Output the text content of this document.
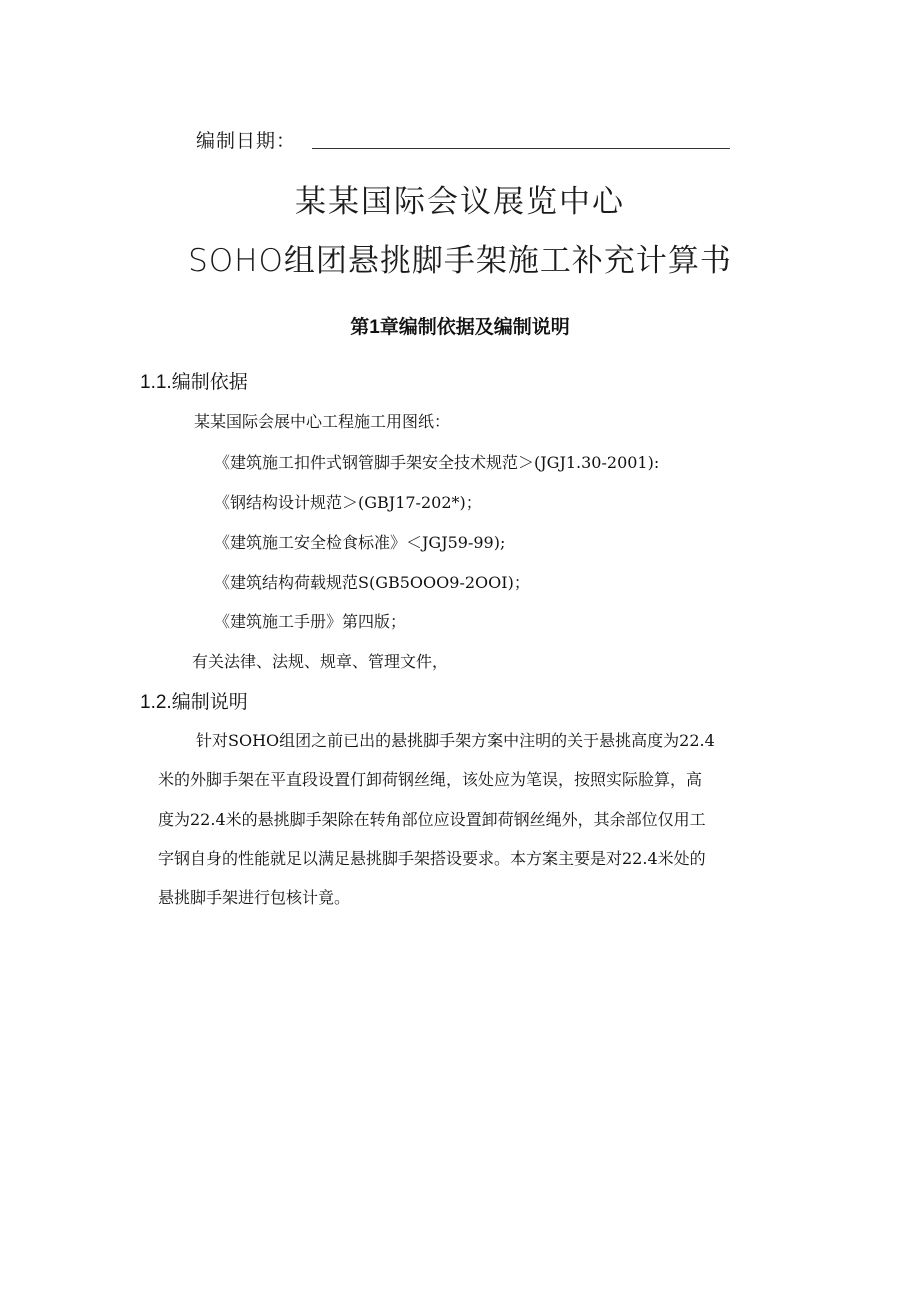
编制日期：
某某国际会议展览中心
SOHO组团悬挑脚手架施工补充计算书
第1章编制依据及编制说明
1.1.编制依据
某某国际会展中心工程施工用图纸：
《建筑施工扣件式钢管脚手架安全技术规范＞(JGJ1.30-2001):
《钢结构设计规范＞(GBJ17-202*)；
《建筑施工安全检食标准》＜JGJ59-99);
《建筑结构荷载规范S(GB5OOO9-2OOI)；
《建筑施工手册》第四版；
有关法律、法规、规章、管理文件，
1.2.编制说明
针对SOHO组团之前已出的悬挑脚手架方案中注明的关于悬挑高度为22.4
米的外脚手架在平直段设置仃卸荷钢丝绳，该处应为笔误，按照实际脸算，高
度为22.4米的悬挑脚手架除在转角部位应设置卸荷钢丝绳外，其余部位仅用工
字钢自身的性能就足以满足悬挑脚手架搭设要求。本方案主要是对22.4米处的
悬挑脚手架进行包核计竟。
